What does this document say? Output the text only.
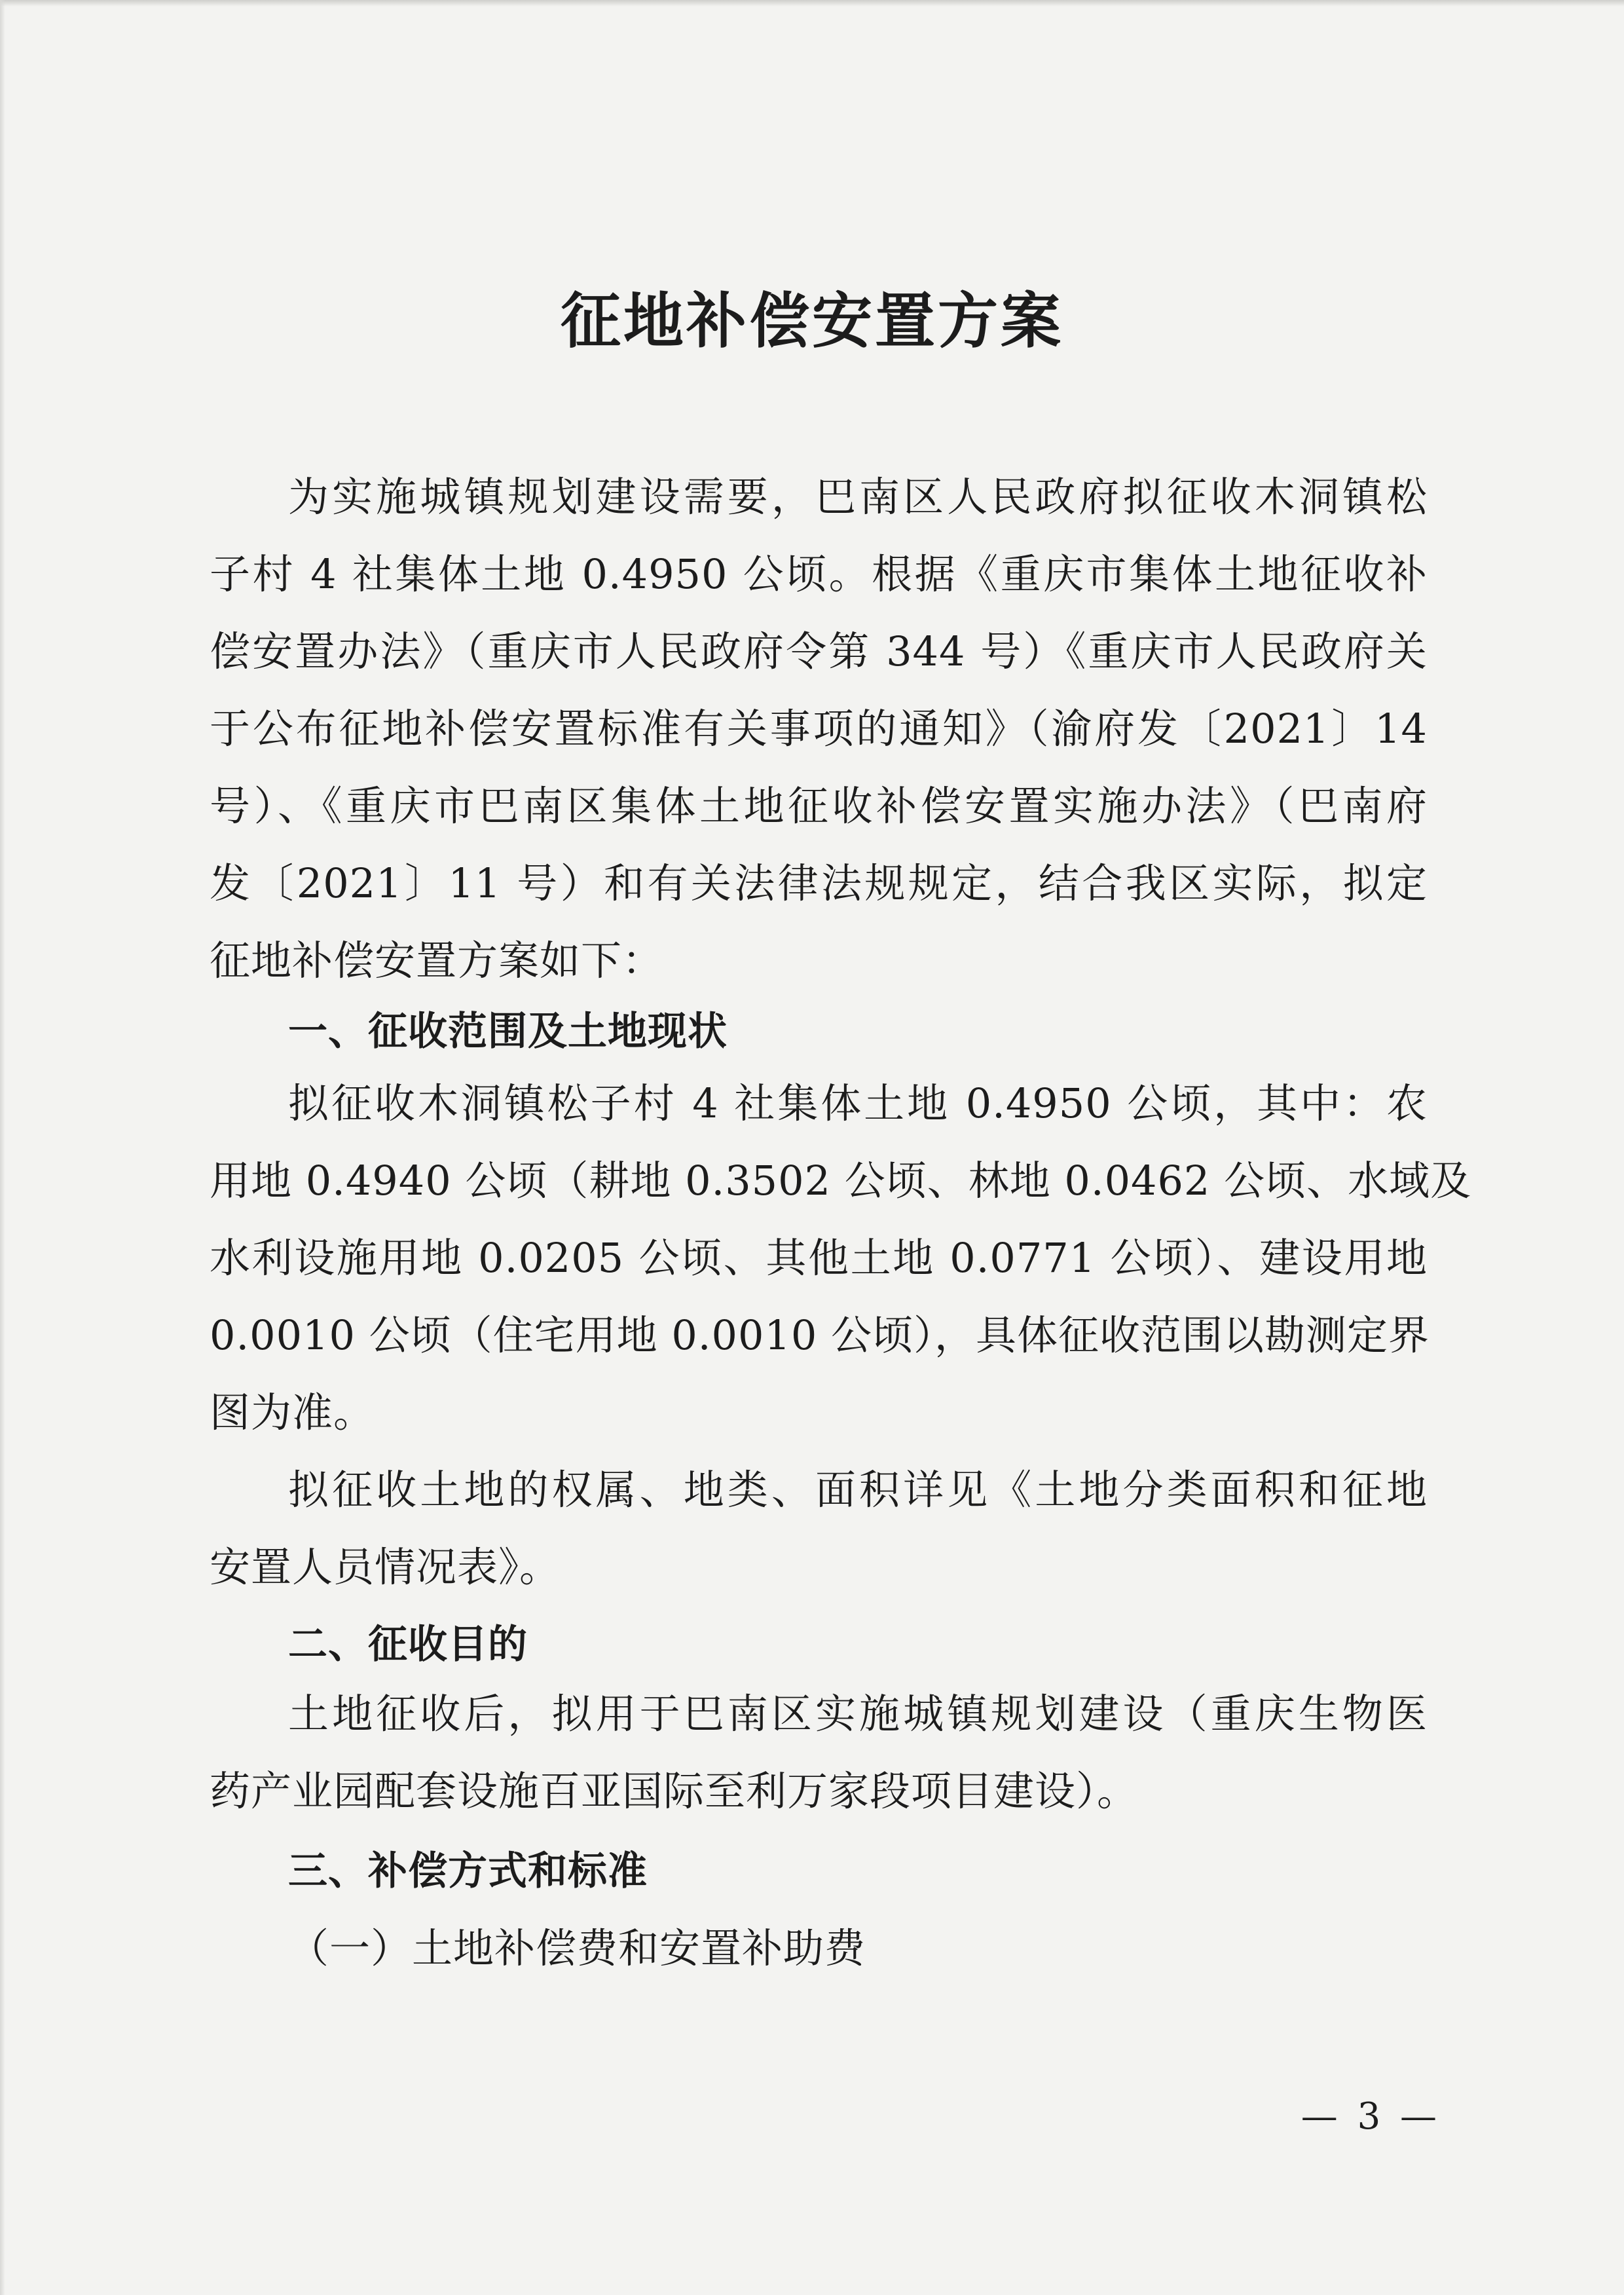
征地补偿安置方案
为实施城镇规划建设需要，巴南区人民政府拟征收木洞镇松
子村 4 社集体土地 0.4950 公顷。根据《重庆市集体土地征收补
偿安置办法》（重庆市人民政府令第 344 号）《重庆市人民政府关
于公布征地补偿安置标准有关事项的通知》（渝府发〔2021〕14
号）、《重庆市巴南区集体土地征收补偿安置实施办法》（巴南府
发〔2021〕11 号）和有关法律法规规定，结合我区实际，拟定
征地补偿安置方案如下：
一、征收范围及土地现状
拟征收木洞镇松子村 4 社集体土地 0.4950 公顷，其中：农
用地 0.4940 公顷（耕地 0.3502 公顷、林地 0.0462 公顷、水域及
水利设施用地 0.0205 公顷、其他土地 0.0771 公顷）、建设用地
0.0010 公顷（住宅用地 0.0010 公顷），具体征收范围以勘测定界
图为准。
拟征收土地的权属、地类、面积详见《土地分类面积和征地
安置人员情况表》。
二、征收目的
土地征收后，拟用于巴南区实施城镇规划建设（重庆生物医
药产业园配套设施百亚国际至利万家段项目建设）。
三、补偿方式和标准
（一）土地补偿费和安置补助费
— 3 —
